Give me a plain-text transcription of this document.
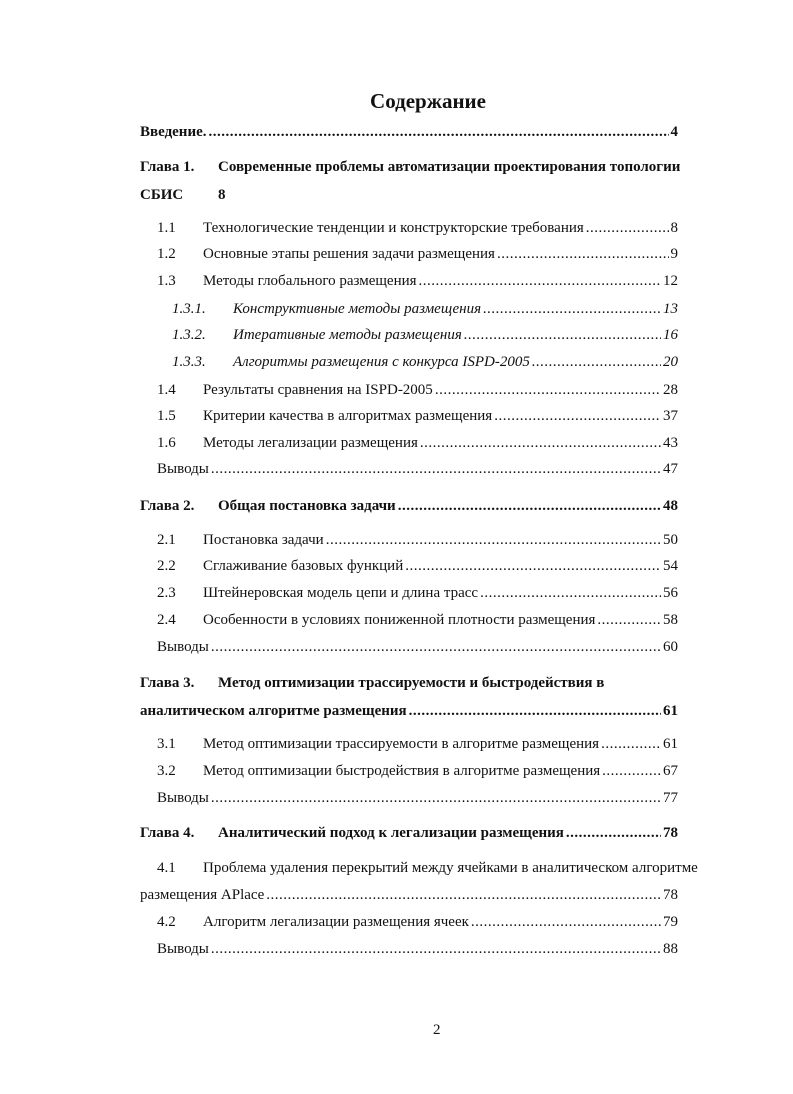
Содержание
Введение. .....	4
Глава 1. Современные проблемы автоматизации проектирования топологии
СБИС 8
1.1	Технологические тенденции и конструкторские требования .....	8
1.2	Основные этапы решения задачи размещения .....	9
1.3	Методы глобального размещения .....	12
1.3.1.	Конструктивные методы размещения .....	13
1.3.2.	Итеративные методы размещения .....	16
1.3.3.	Алгоритмы размещения с конкурса ISPD-2005 .....	20
1.4	Результаты сравнения на ISPD-2005 .....	28
1.5	Критерии качества в алгоритмах размещения .....	37
1.6	Методы легализации размещения .....	43
Выводы .....	47
Глава 2.	Общая постановка задачи .....	48
2.1	Постановка задачи .....	50
2.2	Сглаживание базовых функций .....	54
2.3	Штейнеровская модель цепи и длина трасс .....	56
2.4	Особенности в условиях пониженной плотности размещения .....	58
Выводы .....	60
Глава 3. Метод оптимизации трассируемости и быстродействия в
аналитическом алгоритме размещения .....	61
3.1	Метод оптимизации трассируемости в алгоритме размещения .....	61
3.2	Метод оптимизации быстродействия в алгоритме размещения .....	67
Выводы .....	77
Глава 4.	Аналитический подход к легализации размещения .....	78
4.1 Проблема удаления перекрытий между ячейками в аналитическом алгоритме
размещения APlace .....	78
4.2	Алгоритм легализации размещения ячеек .....	79
Выводы .....	88
2
